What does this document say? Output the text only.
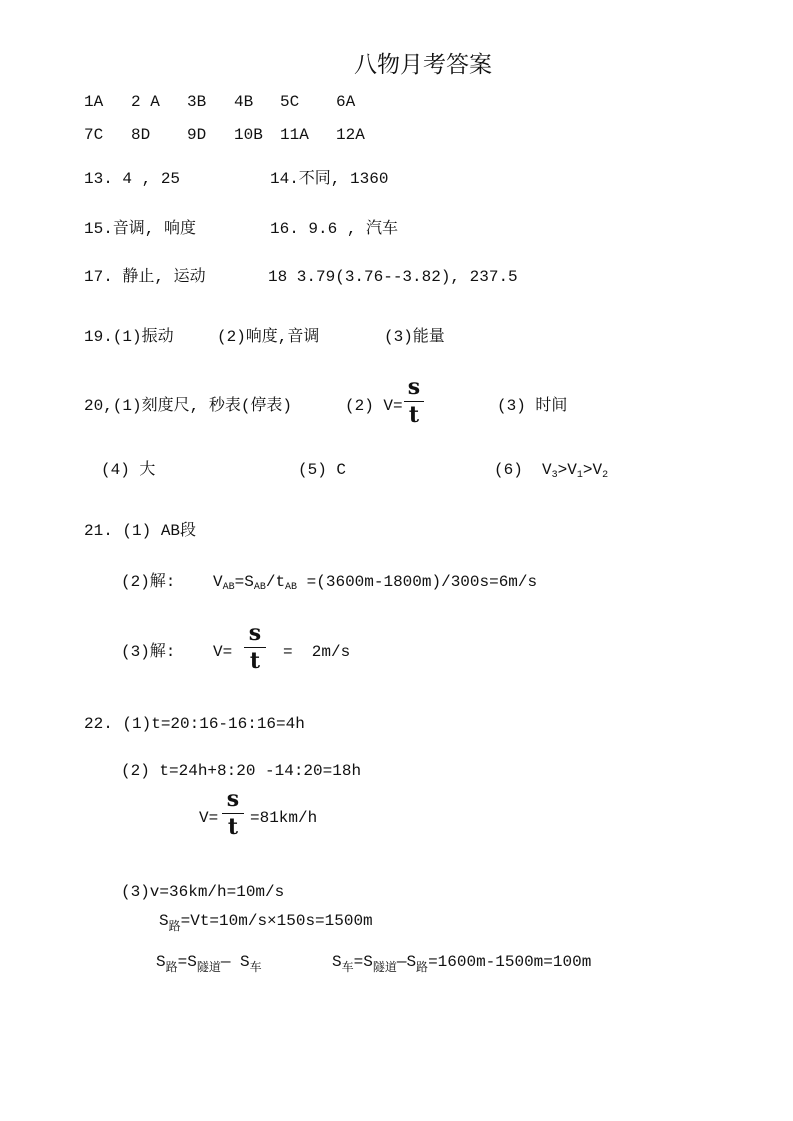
八物月考答案
1A 2 A 3B 4B 5C 6A
7C 8D 9D 10B 11A 12A
13. 4 , 25	14.不同, 1360
15.音调, 响度	16. 9.6 , 汽车
17. 静止, 运动	18 3.79(3.76--3.82), 237.5
19.(1)振动	(2)响度,音调	(3)能量
20,(1)刻度尺, 秒表(停表)	(2) V=
s
t	(3) 时间
(4) 大	(5) C	(6) $V_3>V_1>V_2$
21. (1) AB段
(2)解: $V_{AB}=S_{AB}/t_{AB} =(3600m-1800m)/300s=6m/s$
(3)解: V=
s
t =  2m/s
22. (1)t=20:16-16:16=4h
(2) t=24h+8:20 -14:20=18h
V=
s
t =81km/h
(3)v=36km/h=10m/s
$S_路=Vt=10m/s\times 150s=1500m$
$S_路=S_{隧道}—$ $S_车$	$S_车=S_{隧道}—S_路=1600m-1500m=100m$
